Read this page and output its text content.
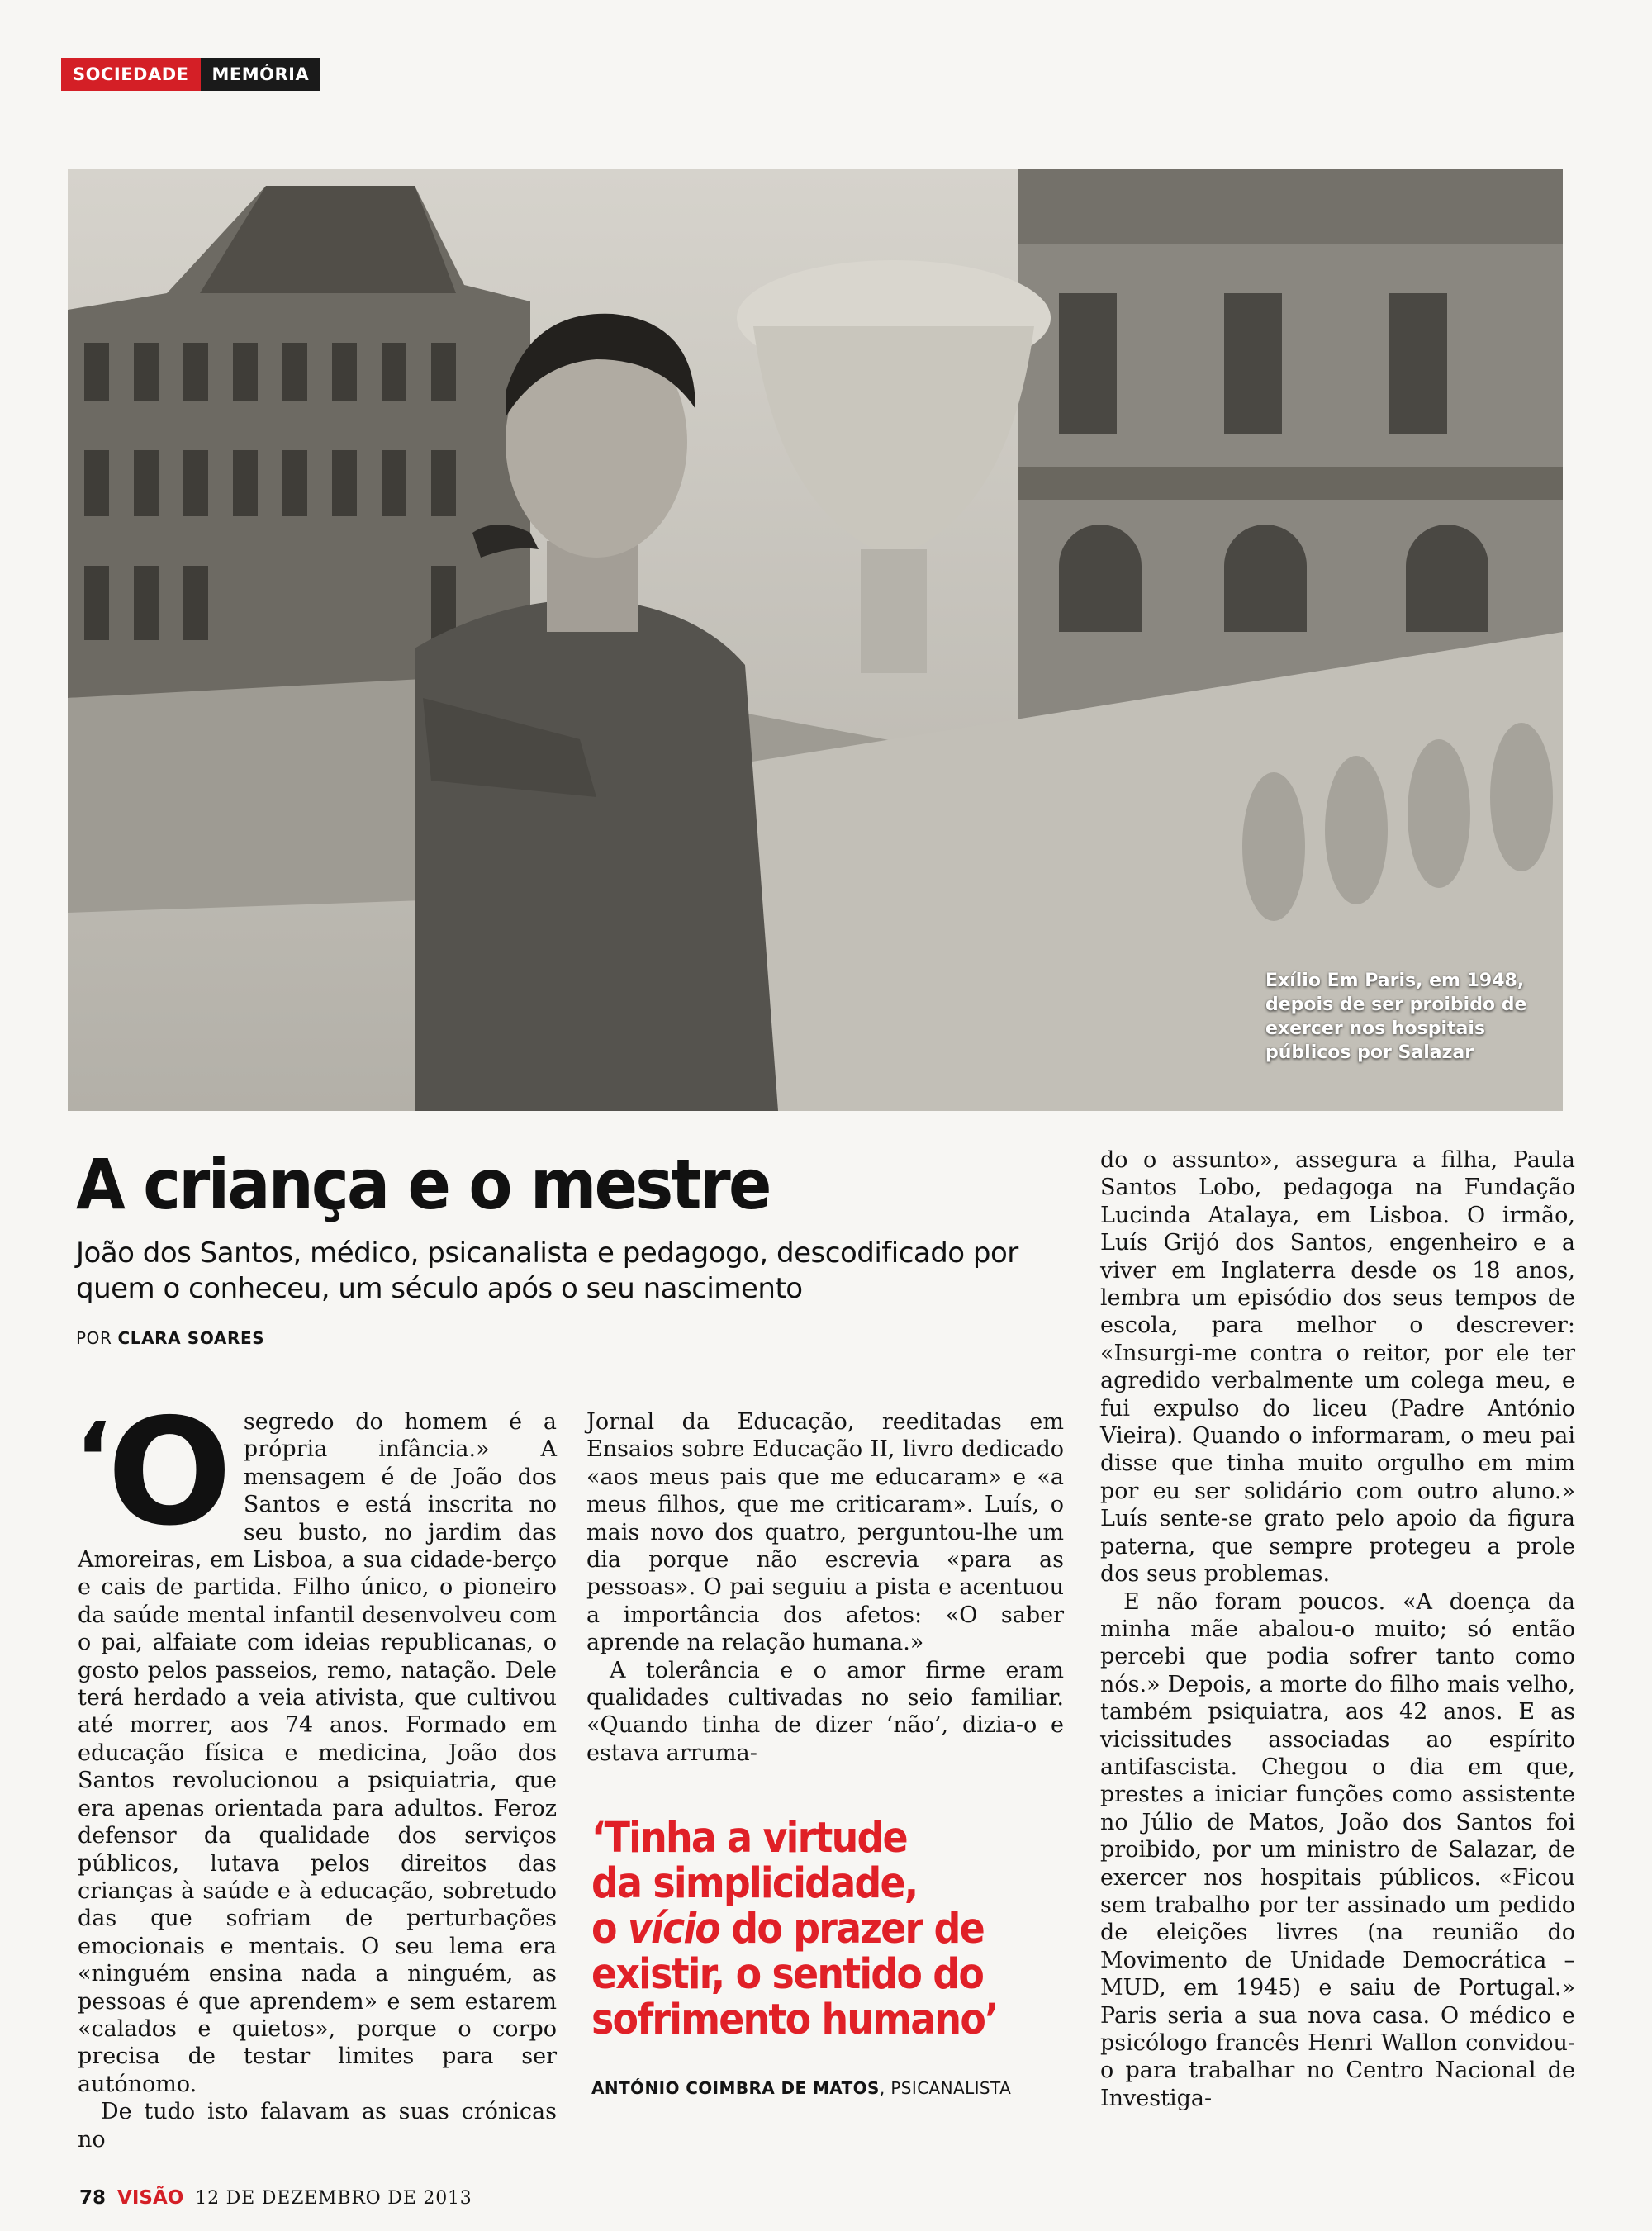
SOCIEDADE	MEMÓRIA
Exílio Em Paris, em 1948, depois de ser proibido de exercer nos hospitais públicos por Salazar
A criança e o mestre
João dos Santos, médico, psicanalista e pedagogo, descodificado por quem o conheceu, um século após o seu nascimento
POR CLARA SOARES
‘O segredo do homem é a própria infância.» A mensagem é de João dos Santos e está inscrita no seu busto, no jardim das Amoreiras, em Lisboa, a sua cidade-berço e cais de partida. Filho único, o pioneiro da saúde mental infantil desenvolveu com o pai, alfaiate com ideias republicanas, o gosto pelos passeios, remo, natação. Dele terá herdado a veia ativista, que cultivou até morrer, aos 74 anos. Formado em educação física e medicina, João dos Santos revolucionou a psiquiatria, que era apenas orientada para adultos. Feroz defensor da qualidade dos serviços públicos, lutava pelos direitos das crianças à saúde e à educação, sobretudo das que sofriam de perturbações emocionais e mentais. O seu lema era «ninguém ensina nada a ninguém, as pessoas é que aprendem» e sem estarem «calados e quietos», porque o corpo precisa de testar limites para ser autónomo.

De tudo isto falavam as suas crónicas no

Jornal da Educação, reeditadas em Ensaios sobre Educação II, livro dedicado «aos meus pais que me educaram» e «a meus filhos, que me criticaram». Luís, o mais novo dos quatro, perguntou-lhe um dia porque não escrevia «para as pessoas». O pai seguiu a pista e acentuou a importância dos afetos: «O saber aprende na relação humana.»

A tolerância e o amor firme eram qualidades cultivadas no seio familiar. «Quando tinha de dizer ‘não’, dizia-o e estava arruma-

‘Tinha a virtude
da simplicidade,
o vício do prazer de
existir, o sentido do
sofrimento humano’
ANTÓNIO COIMBRA DE MATOS, PSICANALISTA

do o assunto», assegura a filha, Paula Santos Lobo, pedagoga na Fundação Lucinda Atalaya, em Lisboa. O irmão, Luís Grijó dos Santos, engenheiro e a viver em Inglaterra desde os 18 anos, lembra um episódio dos seus tempos de escola, para melhor o descrever: «Insurgi-me contra o reitor, por ele ter agredido verbalmente um colega meu, e fui expulso do liceu (Padre António Vieira). Quando o informaram, o meu pai disse que tinha muito orgulho em mim por eu ser solidário com outro aluno.» Luís sente-se grato pelo apoio da figura paterna, que sempre protegeu a prole dos seus problemas.

E não foram poucos. «A doença da minha mãe abalou-o muito; só então percebi que podia sofrer tanto como nós.» Depois, a morte do filho mais velho, também psiquiatra, aos 42 anos. E as vicissitudes associadas ao espírito antifascista. Chegou o dia em que, prestes a iniciar funções como assistente no Júlio de Matos, João dos Santos foi proibido, por um ministro de Salazar, de exercer nos hospitais públicos. «Ficou sem trabalho por ter assinado um pedido de eleições livres (na reunião do Movimento de Unidade Democrática – MUD, em 1945) e saiu de Portugal.» Paris seria a sua nova casa. O médico e psicólogo francês Henri Wallon convidou-o para trabalhar no Centro Nacional de Investiga-

78 VISÃO 12 DE DEZEMBRO DE 2013
